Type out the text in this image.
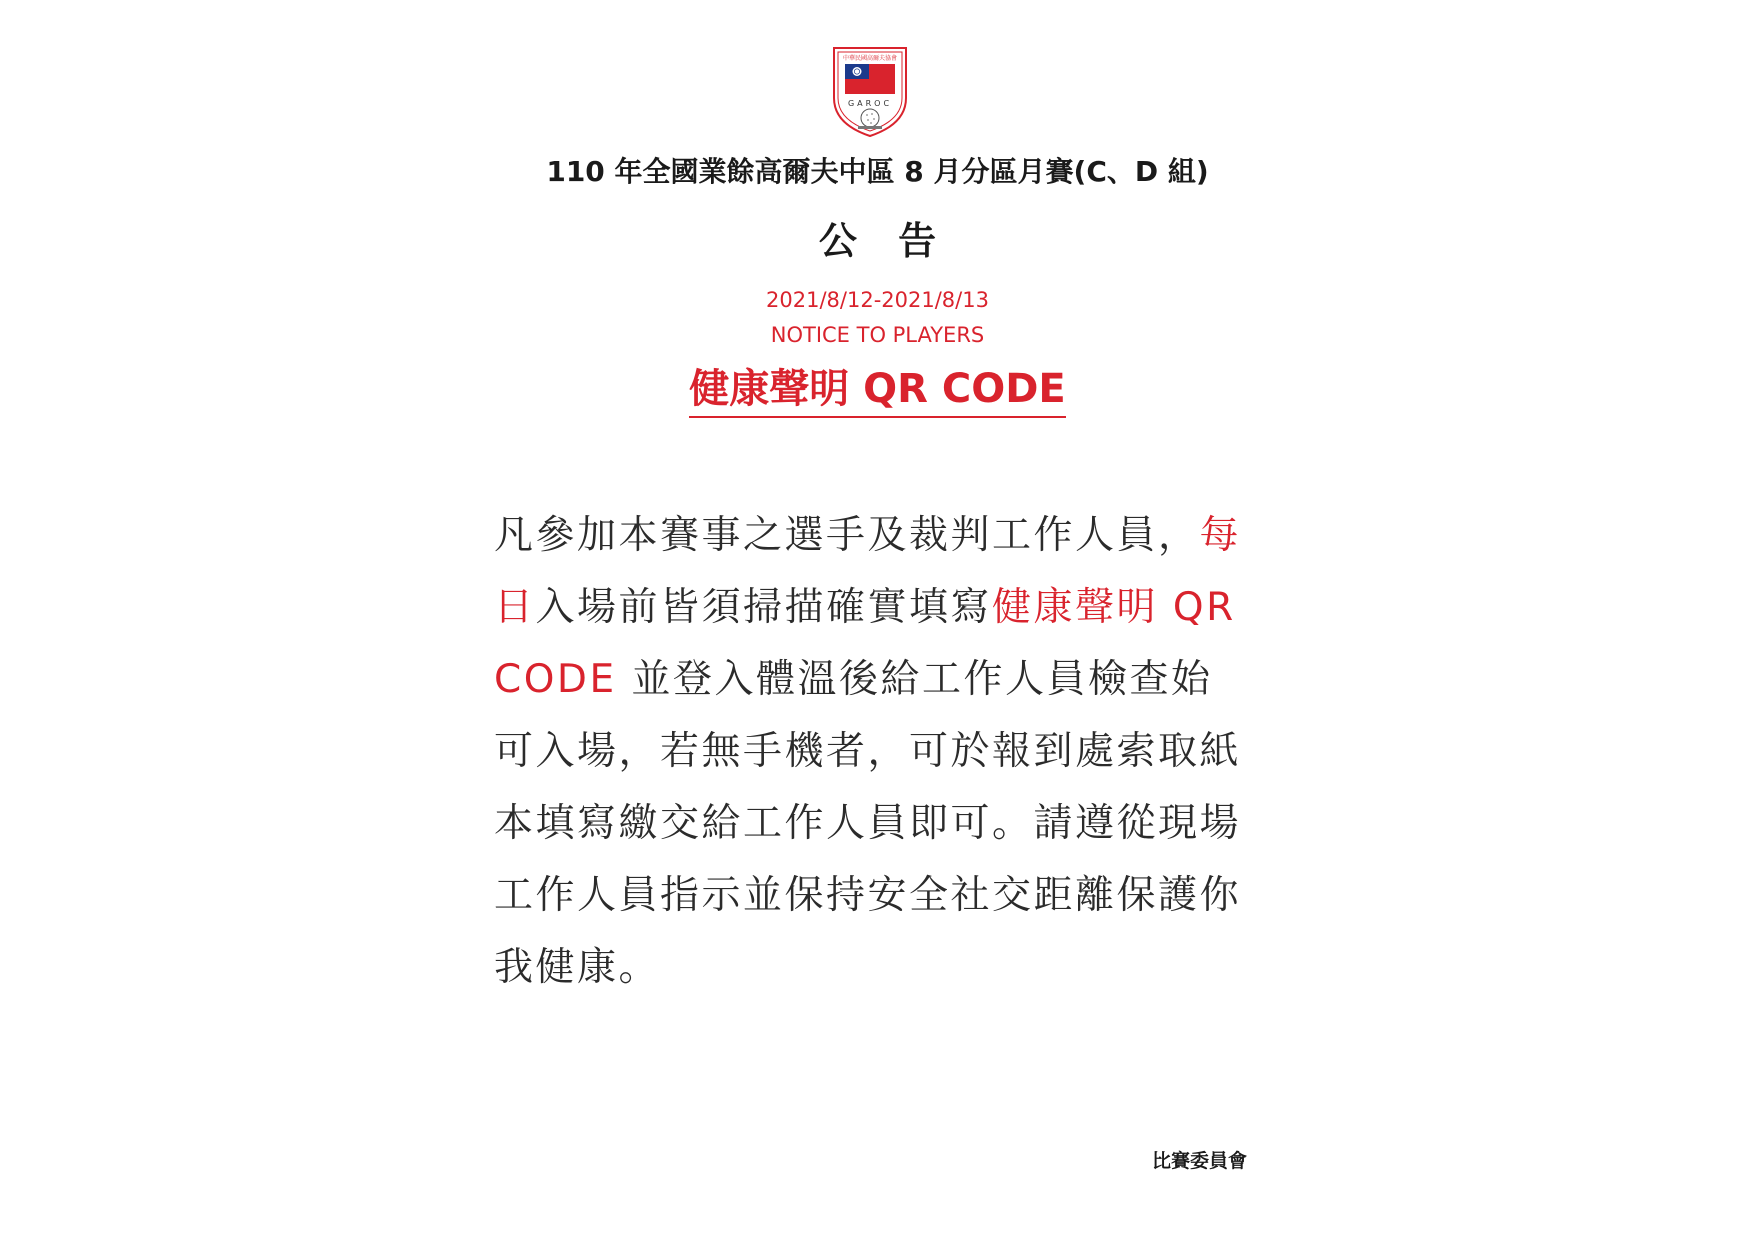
中華民國高爾夫協會
GAROC
110 年全國業餘高爾夫中區 8 月分區月賽(C、D 組)
公 告
2021/8/12-2021/8/13
NOTICE TO PLAYERS
健康聲明 QR CODE
凡參加本賽事之選手及裁判工作人員，每日入場前皆須掃描確實填寫健康聲明 QR CODE 並登入體溫後給工作人員檢查始可入場，若無手機者，可於報到處索取紙本填寫繳交給工作人員即可。請遵從現場工作人員指示並保持安全社交距離保護你我健康。
比賽委員會
